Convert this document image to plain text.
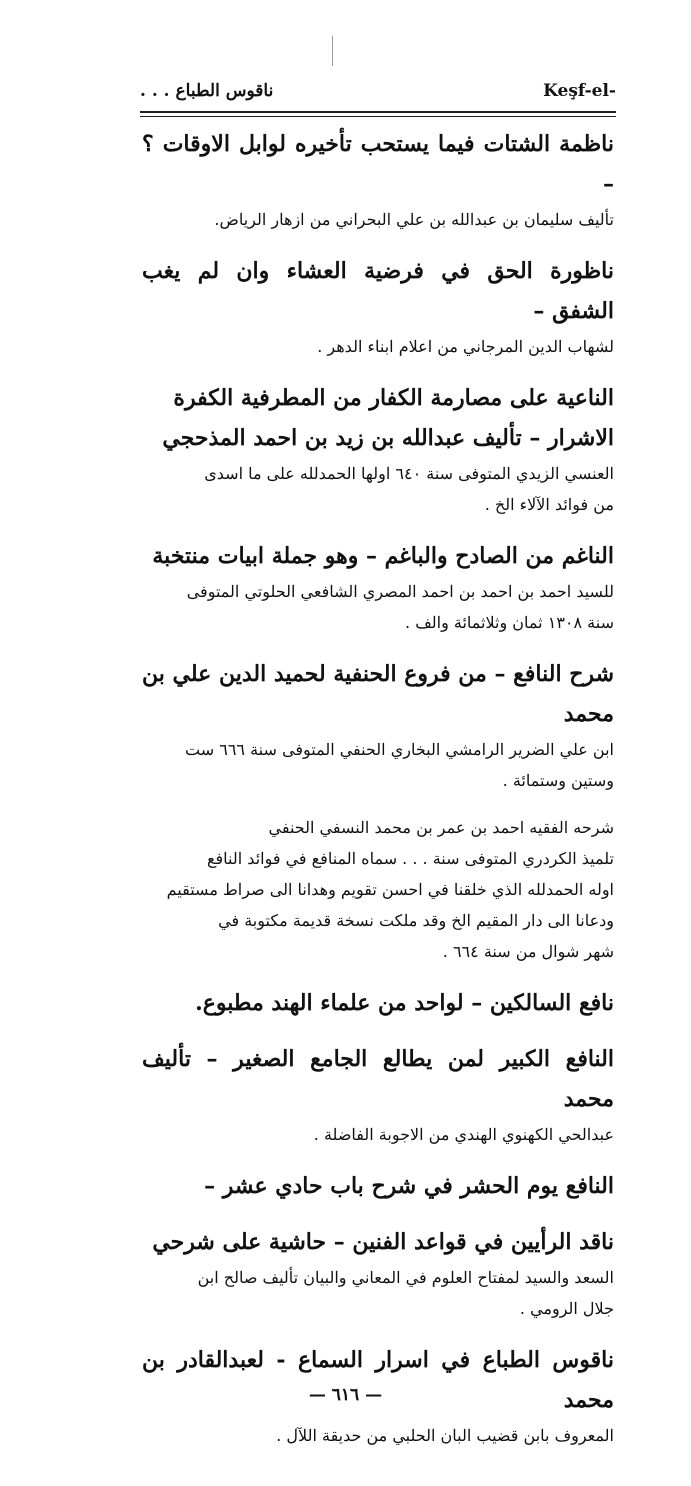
ناقوس الطباع . . .	Keşf-el-

ناظمة الشتات فيما يستحب تأخيره لوابل الاوقات ؟ –

تأليف سليمان بن عبدالله بن علي البحراني من ازهار الرياض.

ناظورة الحق في فرضية العشاء وان لم يغب الشفق –

لشهاب الدين المرجاني من اعلام ابناء الدهر .

الناعية على مصارمة الكفار من المطرفية الكفرة

الاشرار – تأليف عبدالله بن زيد بن احمد المذحجي

العنسي الزيدي المتوفى سنة ٦٤٠ اولها الحمدلله على ما اسدى

من فوائد الآلاء الخ .

الناغم من الصادح والباغم – وهو جملة ابيات منتخبة

للسيد احمد بن احمد بن احمد المصري الشافعي الحلوتي المتوفى

سنة ١٣٠٨ ثمان وثلاثمائة والف .

شرح النافع – من فروع الحنفية لحميد الدين علي بن محمد

ابن علي الضرير الرامشي البخاري الحنفي المتوفى سنة ٦٦٦ ست

وستين وستمائة .

شرحه الفقيه احمد بن عمر بن محمد النسفي الحنفي

تلميذ الكردري المتوفى سنة . . . سماه المنافع في فوائد النافع

اوله الحمدلله الذي خلقنا في احسن تقويم وهدانا الى صراط مستقيم

ودعانا الى دار المقيم الخ وقد ملكت نسخة قديمة مكتوبة في

شهر شوال من سنة ٦٦٤ .

نافع السالكين – لواحد من علماء الهند مطبوع.

النافع الكبير لمن يطالع الجامع الصغير – تأليف محمد

عبدالحي الكهنوي الهندي من الاجوبة الفاضلة .

النافع يوم الحشر في شرح باب حادي عشر –

ناقد الرأيين في قواعد الفنين – حاشية على شرحي

السعد والسيد لمفتاح العلوم في المعاني والبيان تأليف صالح ابن

جلال الرومي .

ناقوس الطباع في اسرار السماع - لعبدالقادر بن محمد

المعروف بابن قضيب البان الحلبي من حديقة اللآل .

— ٦١٦ —
